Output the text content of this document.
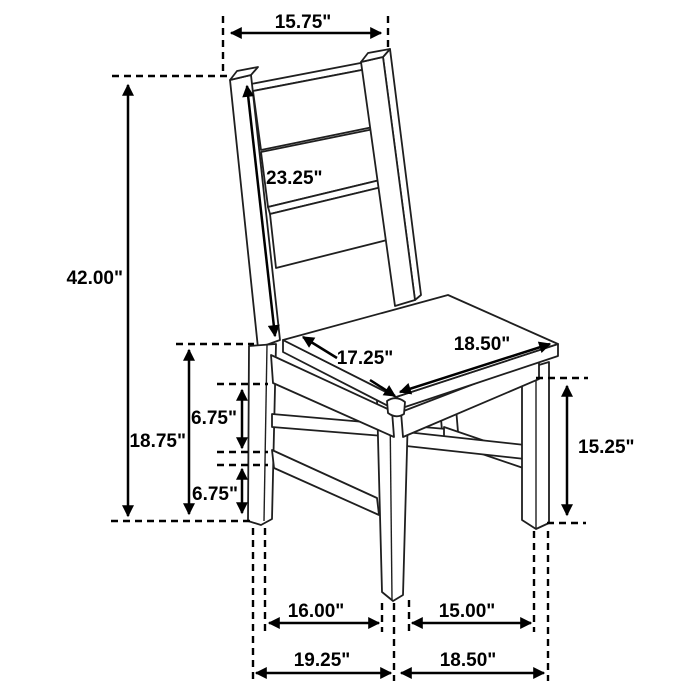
15.75"
42.00"
23.25"
17.25"
18.50"
18.75"
6.75"
6.75"
15.25"
16.00"	15.00"
19.25"	18.50"
